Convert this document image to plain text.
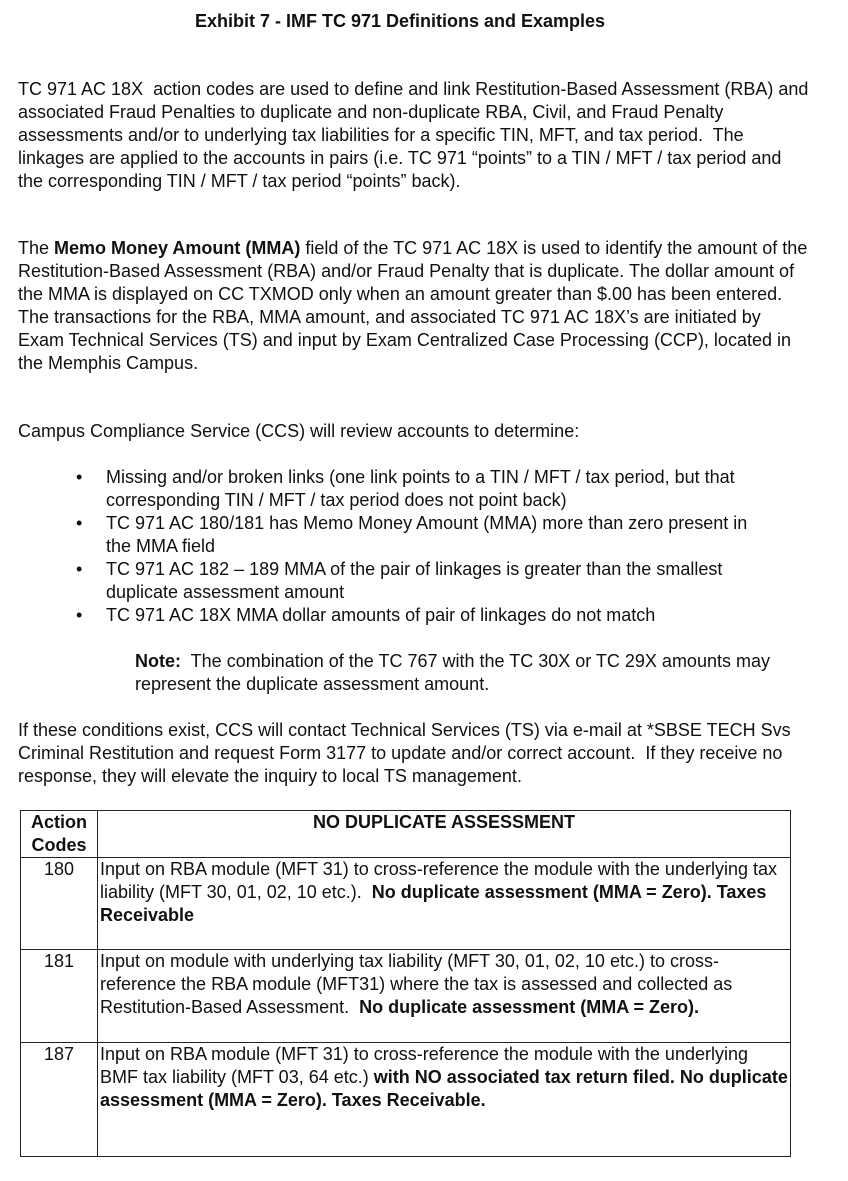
Exhibit 7 - IMF TC 971 Definitions and Examples
TC 971 AC 18X  action codes are used to define and link Restitution-Based Assessment (RBA) and associated Fraud Penalties to duplicate and non-duplicate RBA, Civil, and Fraud Penalty assessments and/or to underlying tax liabilities for a specific TIN, MFT, and tax period.  The linkages are applied to the accounts in pairs (i.e. TC 971 “points” to a TIN / MFT / tax period and the corresponding TIN / MFT / tax period “points” back).
The Memo Money Amount (MMA) field of the TC 971 AC 18X is used to identify the amount of the Restitution-Based Assessment (RBA) and/or Fraud Penalty that is duplicate. The dollar amount of the MMA is displayed on CC TXMOD only when an amount greater than $.00 has been entered. The transactions for the RBA, MMA amount, and associated TC 971 AC 18X’s are initiated by Exam Technical Services (TS) and input by Exam Centralized Case Processing (CCP), located in the Memphis Campus.
Campus Compliance Service (CCS) will review accounts to determine:
• Missing and/or broken links (one link points to a TIN / MFT / tax period, but that corresponding TIN / MFT / tax period does not point back)
• TC 971 AC 180/181 has Memo Money Amount (MMA) more than zero present in the MMA field
• TC 971 AC 182 – 189 MMA of the pair of linkages is greater than the smallest duplicate assessment amount
• TC 971 AC 18X MMA dollar amounts of pair of linkages do not match
Note:  The combination of the TC 767 with the TC 30X or TC 29X amounts may represent the duplicate assessment amount.
If these conditions exist, CCS will contact Technical Services (TS) via e-mail at *SBSE TECH Svs Criminal Restitution and request Form 3177 to update and/or correct account.  If they receive no response, they will elevate the inquiry to local TS management.
Action Codes	NO DUPLICATE ASSESSMENT
180	Input on RBA module (MFT 31) to cross-reference the module with the underlying tax liability (MFT 30, 01, 02, 10 etc.).  No duplicate assessment (MMA = Zero). Taxes Receivable
181	Input on module with underlying tax liability (MFT 30, 01, 02, 10 etc.) to cross-reference the RBA module (MFT31) where the tax is assessed and collected as Restitution-Based Assessment.  No duplicate assessment (MMA = Zero).
187	Input on RBA module (MFT 31) to cross-reference the module with the underlying BMF tax liability (MFT 03, 64 etc.) with NO associated tax return filed. No duplicate assessment (MMA = Zero). Taxes Receivable.
